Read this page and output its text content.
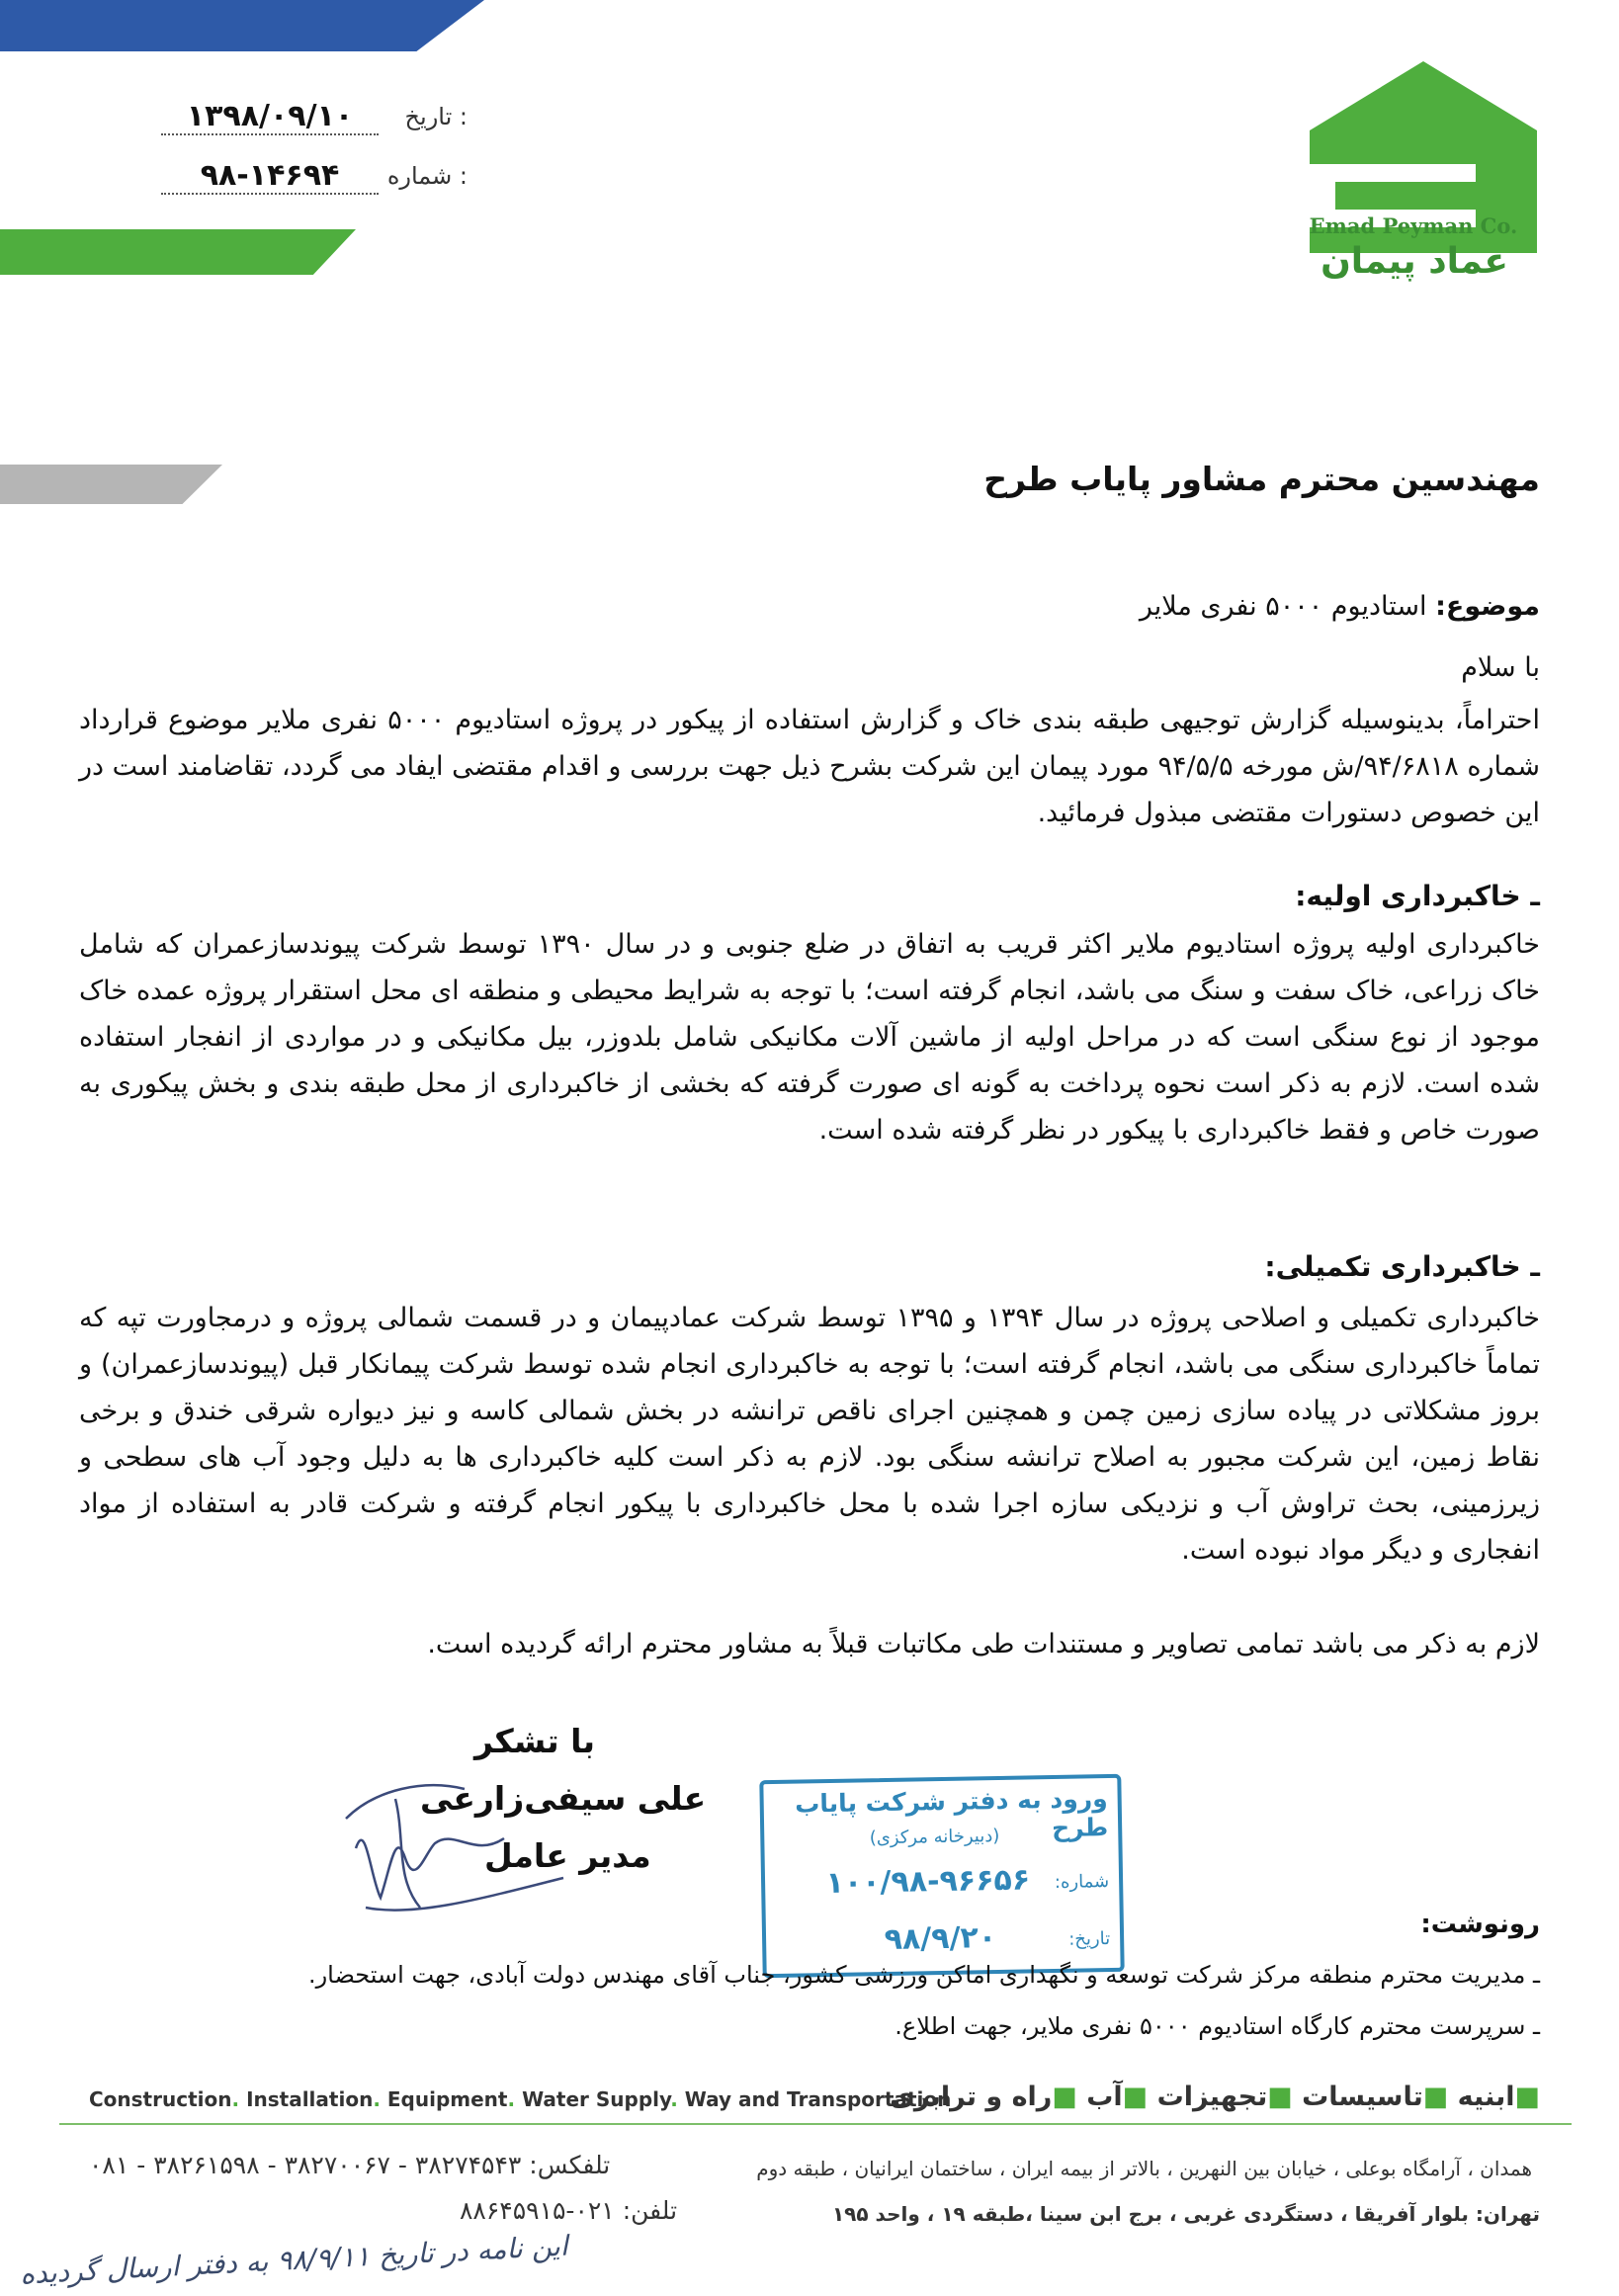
: تاریخ
۱۳۹۸/۰۹/۱۰
: شماره
۹۸-۱۴۶۹۴
Emad Peyman Co.
عماد پیمان
مهندسین محترم مشاور پایاب طرح
موضوع: استادیوم ۵۰۰۰ نفری ملایر
با سلام
احتراماً، بدینوسیله گزارش توجیهی طبقه بندی خاک و گزارش استفاده از پیکور در پروژه استادیوم ۵۰۰۰ نفری ملایر موضوع قرارداد شماره ۹۴/۶۸۱۸/ش مورخه ۹۴/۵/۵ مورد پیمان این شرکت بشرح ذیل جهت بررسی و اقدام مقتضی ایفاد می گردد، تقاضامند است در این خصوص دستورات مقتضی مبذول فرمائید.
ـ خاکبرداری اولیه:
خاکبرداری اولیه پروژه استادیوم ملایر اکثر قریب به اتفاق در ضلع جنوبی و در سال ۱۳۹۰ توسط شرکت پیوندسازعمران که شامل خاک زراعی، خاک سفت و سنگ می باشد، انجام گرفته است؛ با توجه به شرایط محیطی و منطقه ای محل استقرار پروژه عمده خاک موجود از نوع سنگی است که در مراحل اولیه از ماشین آلات مکانیکی شامل بلدوزر، بیل مکانیکی و در مواردی از انفجار استفاده شده است. لازم به ذکر است نحوه پرداخت به گونه ای صورت گرفته که بخشی از خاکبرداری از محل طبقه بندی و بخش پیکوری به صورت خاص و فقط خاکبرداری با پیکور در نظر گرفته شده است.
ـ خاکبرداری تکمیلی:
خاکبرداری تکمیلی و اصلاحی پروژه در سال ۱۳۹۴ و ۱۳۹۵ توسط شرکت عمادپیمان و در قسمت شمالی پروژه و درمجاورت تپه که تماماً خاکبرداری سنگی می باشد، انجام گرفته است؛ با توجه به خاکبرداری انجام شده توسط شرکت پیمانکار قبل (پیوندسازعمران) و بروز مشکلاتی در پیاده سازی زمین چمن و همچنین اجرای ناقص ترانشه در بخش شمالی کاسه و نیز دیواره شرقی خندق و برخی نقاط زمین، این شرکت مجبور به اصلاح ترانشه سنگی بود. لازم به ذکر است کلیه خاکبرداری ها به دلیل وجود آب های سطحی و زیرزمینی، بحث تراوش آب و نزدیکی سازه اجرا شده با محل خاکبرداری با پیکور انجام گرفته و شرکت قادر به استفاده از مواد انفجاری و دیگر مواد نبوده است.
لازم به ذکر می باشد تمامی تصاویر و مستندات طی مکاتبات قبلاً به مشاور محترم ارائه گردیده است.
با تشکر
علی سیفی‌زارعی
مدیر عامل
ورود به دفتر شرکت پایاب طرح
(دبیرخانه مرکزی)
شماره:
۱۰۰/۹۸-۹۶۶۵۶
تاریخ:
۹۸/۹/۲۰	رونوشت:
ـ مدیریت محترم منطقه مرکز شرکت توسعه و نگهداری اماکن ورزشی کشور، جناب آقای مهندس دولت آبادی، جهت استحضار.
ـ سرپرست محترم کارگاه استادیوم ۵۰۰۰ نفری ملایر، جهت اطلاع.
Construction. Installation. Equipment. Water Supply. Way and Transportation	■ابنیه ■تاسیسات ■تجهیزات ■آب ■راه و ترابری
همدان ، آرامگاه بوعلی ، خیابان بین النهرین ، بالاتر از بیمه ایران ، ساختمان ایرانیان ، طبقه دوم
تلفکس: ۳۸۲۷۴۵۴۳ - ۳۸۲۷۰۰۶۷ - ۳۸۲۶۱۵۹۸ - ۰۸۱
تهران: بلوار آفریقا ، دستگردی غربی ، برج ابن سینا ،طبقه ۱۹ ، واحد ۱۹۵
تلفن: ۰۲۱-۸۸۶۴۵۹۱۵
این نامه در تاریخ ۹۸/۹/۱۱ به دفتر ارسال گردیده
